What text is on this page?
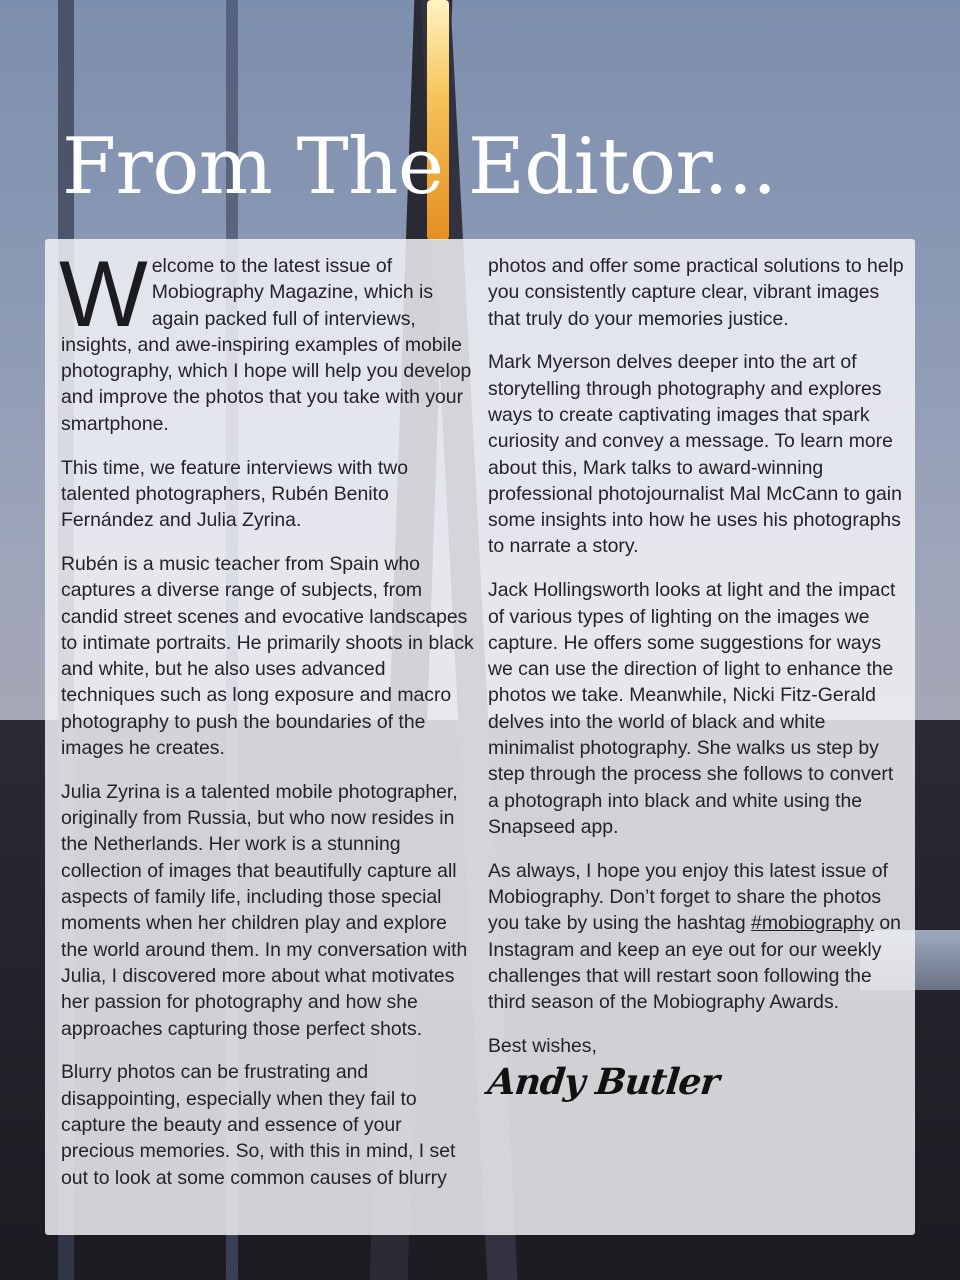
From The Editor...

Welcome to the latest issue of Mobiography Magazine, which is again packed full of interviews, insights, and awe-inspiring examples of mobile photography, which I hope will help you develop and improve the photos that you take with your smartphone.

This time, we feature interviews with two talented photographers, Rubén Benito Fernández and Julia Zyrina.

Rubén is a music teacher from Spain who captures a diverse range of subjects, from candid street scenes and evocative landscapes to intimate portraits. He primarily shoots in black and white, but he also uses advanced techniques such as long exposure and macro photography to push the boundaries of the images he creates.

Julia Zyrina is a talented mobile photographer, originally from Russia, but who now resides in the Netherlands. Her work is a stunning collection of images that beautifully capture all aspects of family life, including those special moments when her children play and explore the world around them. In my conversation with Julia, I discovered more about what motivates her passion for photography and how she approaches capturing those perfect shots.

Blurry photos can be frustrating and disappointing, especially when they fail to capture the beauty and essence of your precious memories. So, with this in mind, I set out to look at some common causes of blurry

photos and offer some practical solutions to help you consistently capture clear, vibrant images that truly do your memories justice.

Mark Myerson delves deeper into the art of storytelling through photography and explores ways to create captivating images that spark curiosity and convey a message. To learn more about this, Mark talks to award-winning professional photojournalist Mal McCann to gain some insights into how he uses his photographs to narrate a story.

Jack Hollingsworth looks at light and the impact of various types of lighting on the images we capture. He offers some suggestions for ways we can use the direction of light to enhance the photos we take. Meanwhile, Nicki Fitz-Gerald delves into the world of black and white minimalist photography. She walks us step by step through the process she follows to convert a photograph into black and white using the Snapseed app.

As always, I hope you enjoy this latest issue of Mobiography. Don’t forget to share the photos you take by using the hashtag #mobiography on Instagram and keep an eye out for our weekly challenges that will restart soon following the third season of the Mobiography Awards.

Best wishes,

Andy Butler
